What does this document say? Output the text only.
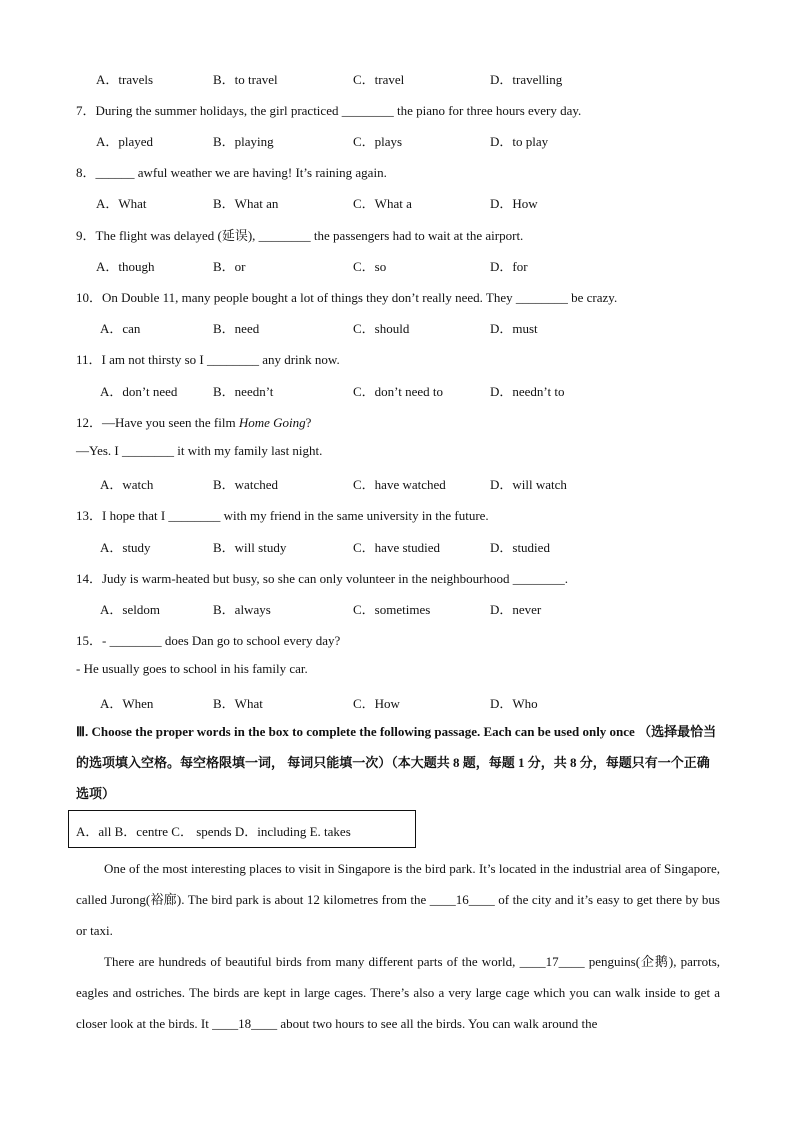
A．travels	B．to travel	C．travel	D．travelling
7．During the summer holidays, the girl practiced ________ the piano for three hours every day.
A．played	B．playing	C．plays	D．to play
8．______ awful weather we are having! It’s raining again.
A．What	B．What an	C．What a	D．How
9．The flight was delayed (延误), ________ the passengers had to wait at the airport.
A．though	B．or	C．so	D．for
10．On Double 11, many people bought a lot of things they don’t really need. They ________ be crazy.
A．can	B．need	C．should	D．must
11．I am not thirsty so I ________ any drink now.
A．don’t need	B．needn’t	C．don’t need to	D．needn’t to
12．—Have you seen the film Home Going?
—Yes. I ________ it with my family last night.
A．watch	B．watched	C．have watched	D．will watch
13．I hope that I ________ with my friend in the same university in the future.
A．study	B．will study	C．have studied	D．studied
14．Judy is warm-heated but busy, so she can only volunteer in the neighbourhood ________.
A．seldom	B．always	C．sometimes	D．never
15．- ________ does Dan go to school every day?
- He usually goes to school in his family car.
A．When	B．What	C．How	D．Who
Ⅲ. Choose the proper words in the box to complete the following passage. Each can be used only once （选择最恰当的选项填入空格。每空格限填一词， 每词只能填一次）（本大题共 8 题，每题 1 分，共 8 分，每题只有一个正确选项）
A．all B．centre C． spends D．including E. takes

One of the most interesting places to visit in Singapore is the bird park. It’s located in the industrial area of Singapore, called Jurong(裕廊). The bird park is about 12 kilometres from the ____16____ of the city and it’s easy to get there by bus or taxi.

There are hundreds of beautiful birds from many different parts of the world, ____17____ penguins(企鹅), parrots, eagles and ostriches. The birds are kept in large cages. There’s also a very large cage which you can walk inside to get a closer look at the birds. It ____18____ about two hours to see all the birds. You can walk around the
